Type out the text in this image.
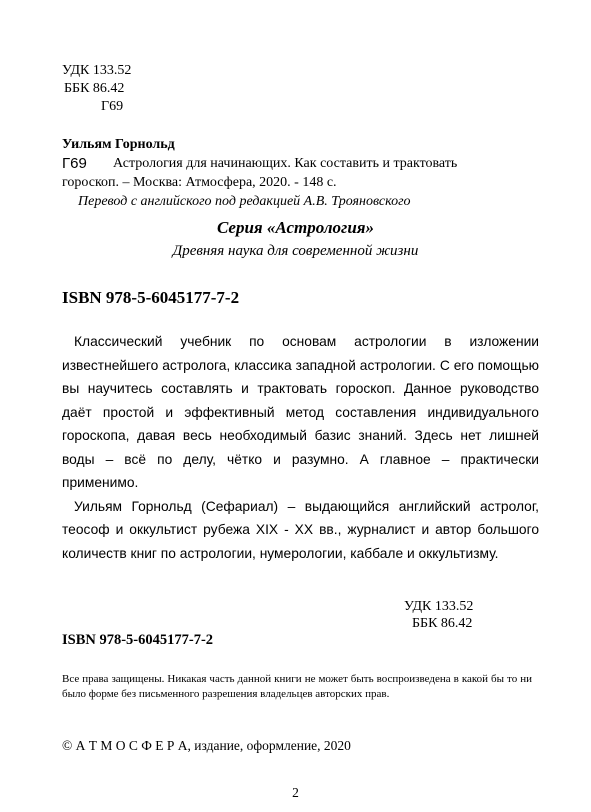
УДК 133.52
ББК 86.42
Г69
Уильям Горнольд
Г69 Астрология для начинающих. Как составить и трактовать
гороскоп. – Москва: Атмосфера, 2020. - 148 с.
Перевод с английского под редакцией А.В. Трояновского
Серия «Астрология»
Древняя наука для современной жизни
ISBN 978-5-6045177-7-2

Классический учебник по основам астрологии в изложении известнейшего астролога, классика западной астрологии. С его помощью вы научитесь составлять и трактовать гороскоп. Данное руководство даёт простой и эффективный метод составления индивидуального гороскопа, давая весь необходимый базис знаний. Здесь нет лишней воды – всё по делу, чётко и разумно. А главное – практически применимо.

Уильям Горнольд (Сефариал) – выдающийся английский астролог, теософ и оккультист рубежа XIX - XX вв., журналист и автор большого количеств книг по астрологии, нумерологии, каббале и оккультизму.

УДК 133.52
ББК 86.42
ISBN 978-5-6045177-7-2
Все права защищены. Никакая часть данной книги не может быть воспроизведена в какой бы то ни было форме без письменного разрешения владельцев авторских прав.
© А Т М О С Ф Е Р А, издание, оформление, 2020
2
